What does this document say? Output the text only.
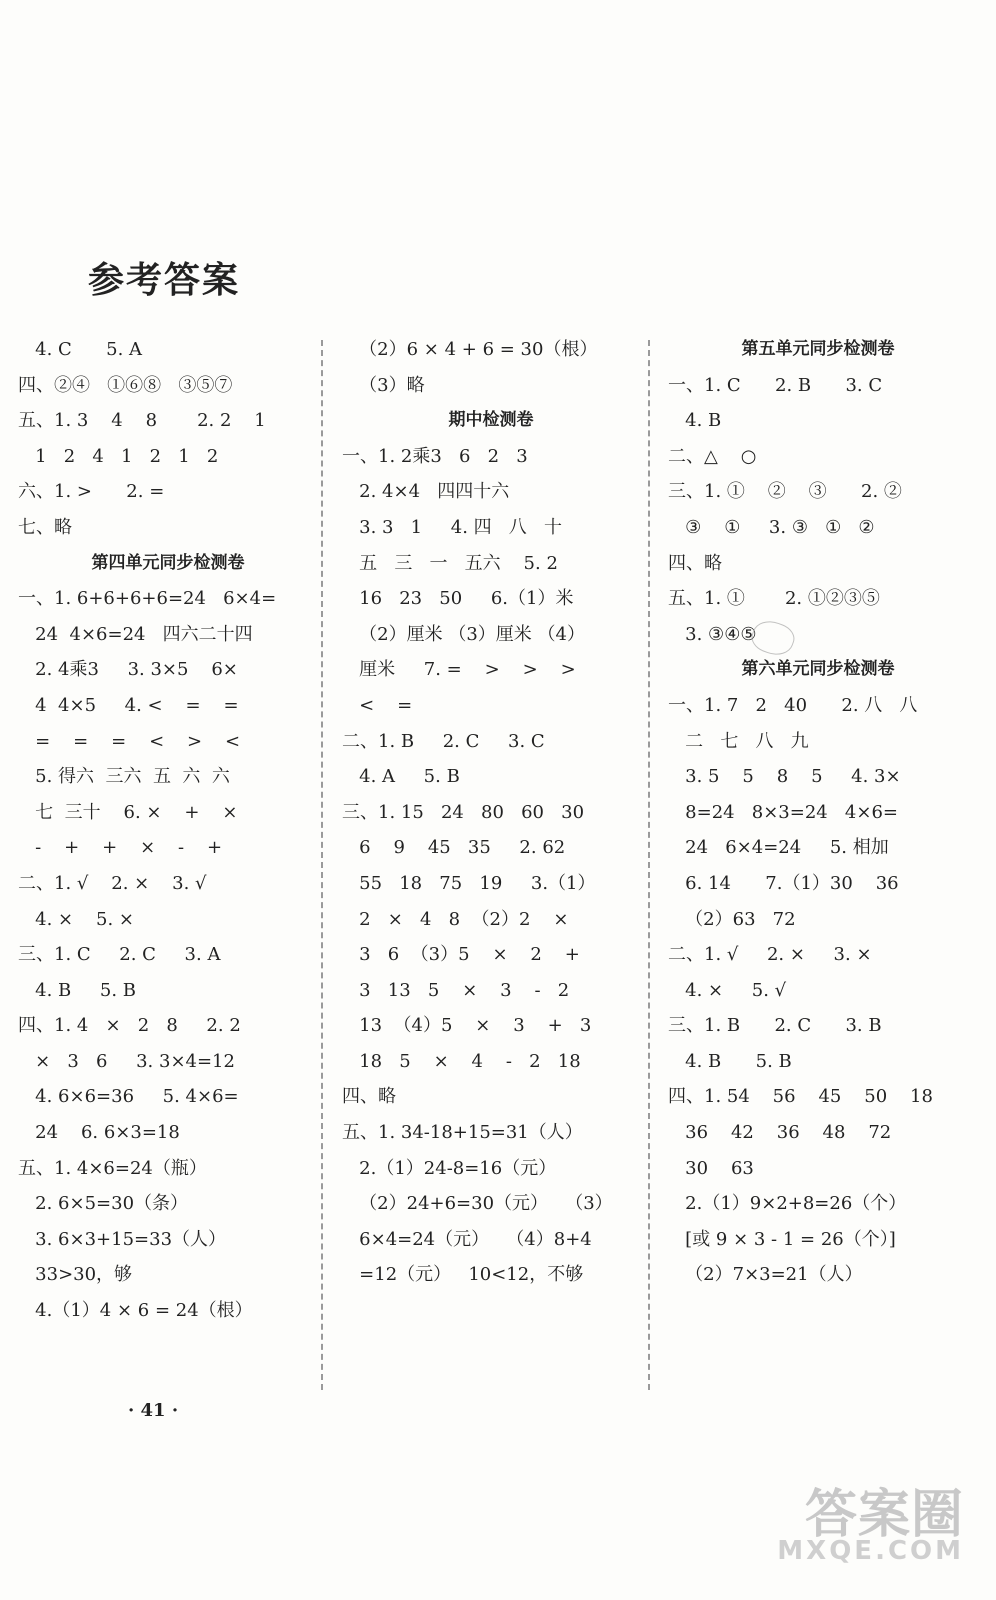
参考答案
4. C      5. A
四、②④   ①⑥⑧   ③⑤⑦
五、1. 3    4    8       2. 2    1
1   2   4   1   2   1   2
六、1. >      2. =
七、略
第四单元同步检测卷
一、1. 6+6+6+6=24   6×4=
24  4×6=24   四六二十四
2. 4乘3     3. 3×5    6×
4  4×5     4. <    =    =
=    =    =    <    >    <
5. 得六  三六  五  六  六
七  三十    6. ×    +    ×
-    +    +    ×    -    +
二、1. √    2. ×    3. √
4. ×    5. ×
三、1. C     2. C     3. A
4. B     5. B
四、1. 4   ×   2   8     2. 2
×   3   6     3. 3×4=12
4. 6×6=36     5. 4×6=
24    6. 6×3=18
五、1. 4×6=24（瓶）
2. 6×5=30（条）
3. 6×3+15=33（人）
33>30，够
4.（1）4 × 6 = 24（根）
（2）6 × 4 + 6 = 30（根）
（3）略
期中检测卷
一、1. 2乘3   6   2   3
2. 4×4   四四十六
3. 3   1     4. 四   八   十
五   三   一   五六    5. 2
16   23   50     6.（1）米
（2）厘米 （3）厘米 （4）
厘米     7. =    >    >    >
<    =
二、1. B     2. C     3. C
4. A     5. B
三、1. 15   24   80   60   30
6    9    45   35     2. 62
55   18   75   19     3.（1）
2   ×   4   8  （2）2    ×
3   6  （3）5    ×    2    +
3   13   5    ×    3    -   2
13  （4）5    ×    3    +   3
18   5    ×    4    -   2   18
四、略
五、1. 34-18+15=31（人）
2.（1）24-8=16（元）
（2）24+6=30（元）   （3）
6×4=24（元）   （4）8+4
=12（元）   10<12，不够
第五单元同步检测卷
一、1. C      2. B      3. C
4. B
二、△    ○
三、1. ①    ②    ③      2. ②
③    ①     3. ③   ①   ②
四、略
五、1. ①       2. ①②③⑤
3. ③④⑤
第六单元同步检测卷
一、1. 7   2   40      2. 八   八
二   七   八   九
3. 5    5    8    5     4. 3×
8=24   8×3=24   4×6=
24   6×4=24     5. 相加
6. 14      7.（1）30    36
（2）63   72
二、1. √     2. ×     3. ×
4. ×     5. √
三、1. B      2. C      3. B
4. B      5. B
四、1. 54    56    45    50    18
36    42    36    48    72
30    63
2.（1）9×2+8=26（个）
[或 9 × 3 - 1 = 26（个）]
（2）7×3=21（人）
· 41 ·
答案圈
MXQE.COM
